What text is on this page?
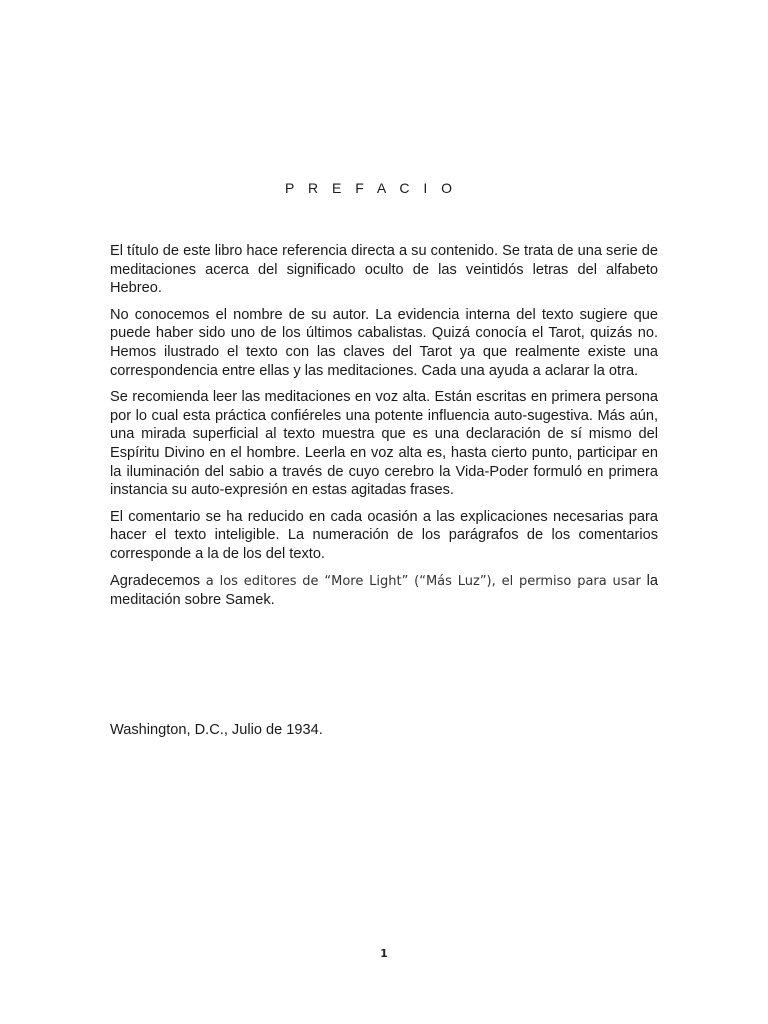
P R E F A C I O

El título de este libro hace referencia directa a su contenido. Se trata de una serie de meditaciones acerca del significado oculto de las veintidós letras del alfabeto Hebreo.

No conocemos el nombre de su autor. La evidencia interna del texto sugiere que puede haber sido uno de los últimos cabalistas. Quizá conocía el Tarot, quizás no. Hemos ilustrado el texto con las claves del Tarot ya que realmente existe una correspondencia entre ellas y las meditaciones. Cada una ayuda a aclarar la otra.

Se recomienda leer las meditaciones en voz alta. Están escritas en primera persona por lo cual esta práctica confiéreles una potente influencia auto-sugestiva. Más aún, una mirada superficial al texto muestra que es una declaración de sí mismo del Espíritu Divino en el hombre. Leerla en voz alta es, hasta cierto punto, participar en la iluminación del sabio a través de cuyo cerebro la Vida-Poder formuló en primera instancia su auto-expresión en estas agitadas frases.

El comentario se ha reducido en cada ocasión a las explicaciones necesarias para hacer el texto inteligible. La numeración de los parágrafos de los comentarios corresponde a la de los del texto.

Agradecemos a los editores de “More Light” (“Más Luz”), el permiso para usar la meditación sobre Samek.

Washington, D.C., Julio de 1934.
1
